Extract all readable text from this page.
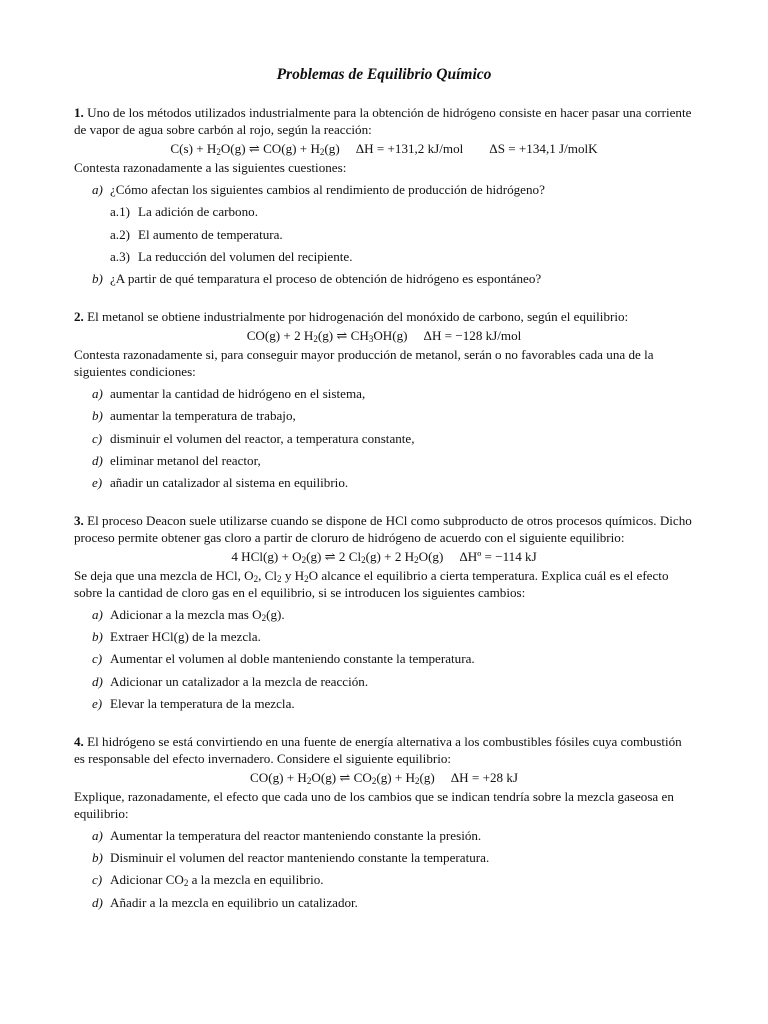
Problemas de Equilibrio Químico

1. Uno de los métodos utilizados industrialmente para la obtención de hidrógeno consiste en hacer pasar una corriente de vapor de agua sobre carbón al rojo, según la reacción:

$C(s) + H_2O(g)$ ⇌ $CO(g) + H_2(g) \Delta H = +131,2$ kJ/mol ΔS = +134,1 J/molK

Contesta razonadamente a las siguientes cuestiones:

a) ¿Cómo afectan los siguientes cambios al rendimiento de producción de hidrógeno?
a.1) La adición de carbono.
a.2) El aumento de temperatura.
a.3) La reducción del volumen del recipiente.
b) ¿A partir de qué temparatura el proceso de obtención de hidrógeno es espontáneo?

2. El metanol se obtiene industrialmente por hidrogenación del monóxido de carbono, según el equilibrio:

CO(g) + 2 $H_2(g)$ ⇌ $CH_3OH(g) \Delta H = -128$ kJ/mol

Contesta razonadamente si, para conseguir mayor producción de metanol, serán o no favorables cada una de la siguientes condiciones:

a) aumentar la cantidad de hidrógeno en el sistema,
b) aumentar la temperatura de trabajo,
c) disminuir el volumen del reactor, a temperatura constante,
d) eliminar metanol del reactor,
e) añadir un catalizador al sistema en equilibrio.

3. El proceso Deacon suele utilizarse cuando se dispone de HCl como subproducto de otros procesos químicos. Dicho proceso permite obtener gas cloro a partir de cloruro de hidrógeno de acuerdo con el siguiente equilibrio:

4 $HCl(g) + O_2(g)$ ⇌ 2 $Cl_2(g) + 2$ $H_2O(g)$ ΔHº = −114 kJ

Se deja que una mezcla de HCl, $O_2$, $Cl_2$ y $H_2O$ alcance el equilibrio a cierta temperatura. Explica cuál es el efecto sobre la cantidad de cloro gas en el equilibrio, si se introducen los siguientes cambios:

a) Adicionar a la mezcla mas $O_2(g)$.
b) Extraer HCl(g) de la mezcla.
c) Aumentar el volumen al doble manteniendo constante la temperatura.
d) Adicionar un catalizador a la mezcla de reacción.
e) Elevar la temperatura de la mezcla.

4. El hidrógeno se está convirtiendo en una fuente de energía alternativa a los combustibles fósiles cuya combustión es responsable del efecto invernadero. Considere el siguiente equilibrio:

$CO(g) + H_2O(g)$ ⇌ $CO_2(g) + H_2(g) \Delta H = +28$ kJ

Explique, razonadamente, el efecto que cada uno de los cambios que se indican tendría sobre la mezcla gaseosa en equilibrio:

a) Aumentar la temperatura del reactor manteniendo constante la presión.
b) Disminuir el volumen del reactor manteniendo constante la temperatura.
c) Adicionar $CO_2$ a la mezcla en equilibrio.
d) Añadir a la mezcla en equilibrio un catalizador.
